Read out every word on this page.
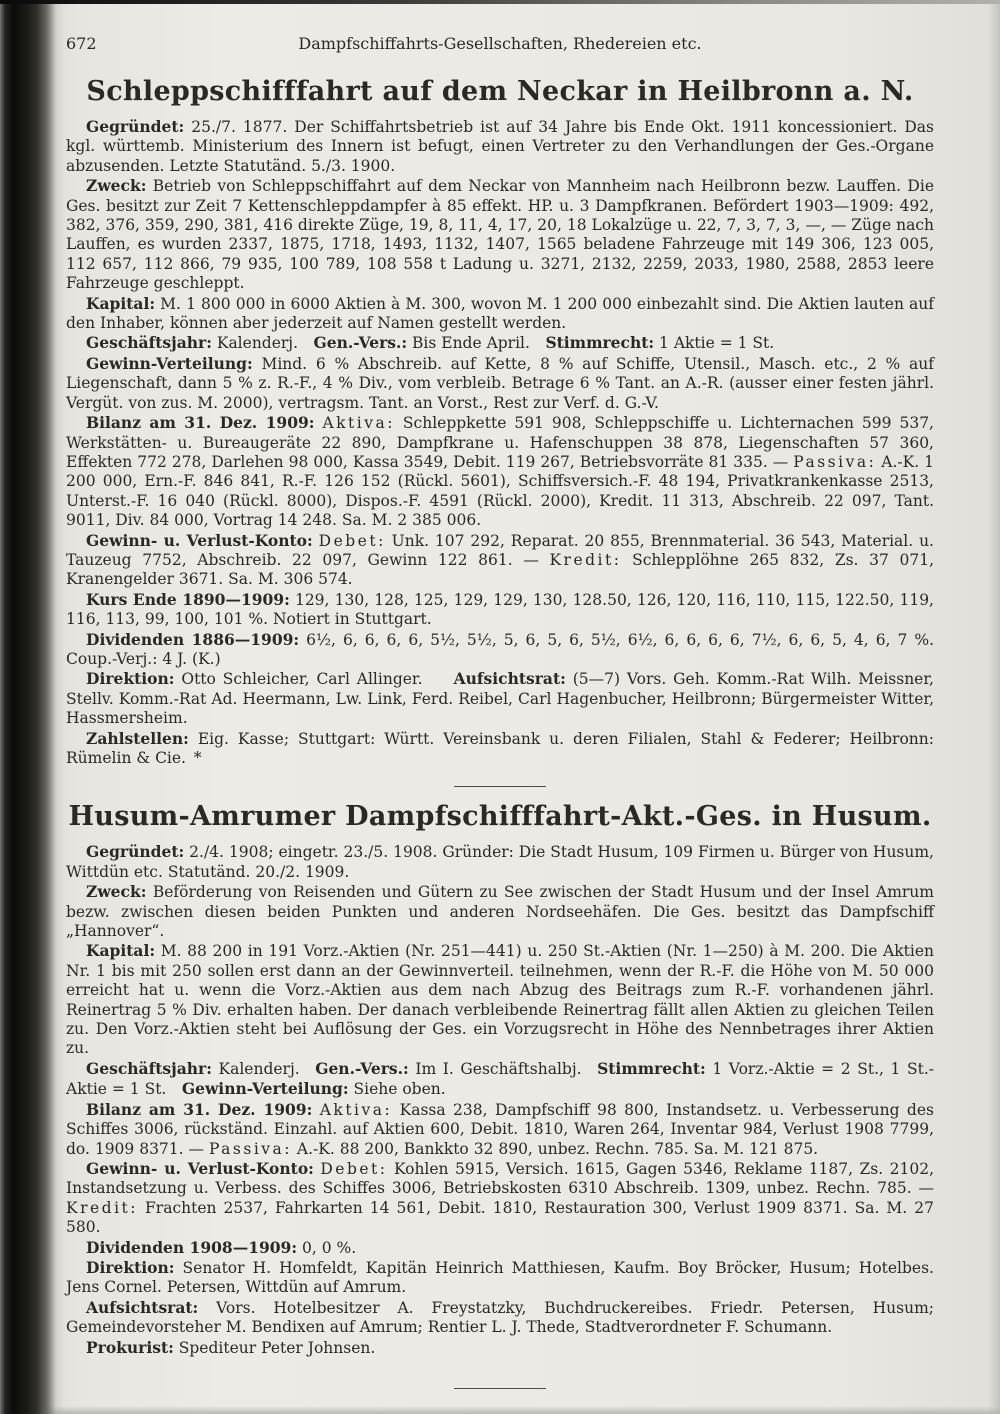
672	Dampfschiffahrts-Gesellschaften, Rhedereien etc.
Schleppschifffahrt auf dem Neckar in Heilbronn a. N.

Gegründet: 25./7. 1877. Der Schiffahrtsbetrieb ist auf 34 Jahre bis Ende Okt. 1911 koncessioniert. Das kgl. württemb. Ministerium des Innern ist befugt, einen Vertreter zu den Verhandlungen der Ges.-Organe abzusenden. Letzte Statutänd. 5./3. 1900.

Zweck: Betrieb von Schleppschiffahrt auf dem Neckar von Mannheim nach Heilbronn bezw. Lauffen. Die Ges. besitzt zur Zeit 7 Kettenschleppdampfer à 85 effekt. HP. u. 3 Dampfkranen. Befördert 1903—1909: 492, 382, 376, 359, 290, 381, 416 direkte Züge, 19, 8, 11, 4, 17, 20, 18 Lokalzüge u. 22, 7, 3, 7, 3, —, — Züge nach Lauffen, es wurden 2337, 1875, 1718, 1493, 1132, 1407, 1565 beladene Fahrzeuge mit 149 306, 123 005, 112 657, 112 866, 79 935, 100 789, 108 558 t Ladung u. 3271, 2132, 2259, 2033, 1980, 2588, 2853 leere Fahrzeuge geschleppt.

Kapital: M. 1 800 000 in 6000 Aktien à M. 300, wovon M. 1 200 000 einbezahlt sind. Die Aktien lauten auf den Inhaber, können aber jederzeit auf Namen gestellt werden.

Geschäftsjahr: Kalenderj. Gen.-Vers.: Bis Ende April. Stimmrecht: 1 Aktie = 1 St.

Gewinn-Verteilung: Mind. 6 % Abschreib. auf Kette, 8 % auf Schiffe, Utensil., Masch. etc., 2 % auf Liegenschaft, dann 5 % z. R.-F., 4 % Div., vom verbleib. Betrage 6 % Tant. an A.-R. (ausser einer festen jährl. Vergüt. von zus. M. 2000), vertragsm. Tant. an Vorst., Rest zur Verf. d. G.-V.

Bilanz am 31. Dez. 1909: Aktiva: Schleppkette 591 908, Schleppschiffe u. Lichternachen 599 537, Werkstätten- u. Bureaugeräte 22 890, Dampfkrane u. Hafenschuppen 38 878, Liegenschaften 57 360, Effekten 772 278, Darlehen 98 000, Kassa 3549, Debit. 119 267, Betriebsvorräte 81 335. — Passiva: A.-K. 1 200 000, Ern.-F. 846 841, R.-F. 126 152 (Rückl. 5601), Schiffsversich.-F. 48 194, Privatkrankenkasse 2513, Unterst.-F. 16 040 (Rückl. 8000), Dispos.-F. 4591 (Rückl. 2000), Kredit. 11 313, Abschreib. 22 097, Tant. 9011, Div. 84 000, Vortrag 14 248. Sa. M. 2 385 006.

Gewinn- u. Verlust-Konto: Debet: Unk. 107 292, Reparat. 20 855, Brennmaterial. 36 543, Material. u. Tauzeug 7752, Abschreib. 22 097, Gewinn 122 861. — Kredit: Schlepplöhne 265 832, Zs. 37 071, Kranengelder 3671. Sa. M. 306 574.

Kurs Ende 1890—1909: 129, 130, 128, 125, 129, 129, 130, 128.50, 126, 120, 116, 110, 115, 122.50, 119, 116, 113, 99, 100, 101 %. Notiert in Stuttgart.

Dividenden 1886—1909: 6½, 6, 6, 6, 6, 5½, 5½, 5, 6, 5, 6, 5½, 6½, 6, 6, 6, 6, 7½, 6, 6, 5, 4, 6, 7 %. Coup.-Verj.: 4 J. (K.)

Direktion: Otto Schleicher, Carl Allinger.  Aufsichtsrat: (5—7) Vors. Geh. Komm.-Rat Wilh. Meissner, Stellv. Komm.-Rat Ad. Heermann, Lw. Link, Ferd. Reibel, Carl Hagenbucher, Heilbronn; Bürgermeister Witter, Hassmersheim.

Zahlstellen: Eig. Kasse; Stuttgart: Württ. Vereinsbank u. deren Filialen, Stahl & Federer; Heilbronn: Rümelin & Cie. *

Husum-Amrumer Dampfschifffahrt-Akt.-Ges. in Husum.

Gegründet: 2./4. 1908; eingetr. 23./5. 1908. Gründer: Die Stadt Husum, 109 Firmen u. Bürger von Husum, Wittdün etc. Statutänd. 20./2. 1909.

Zweck: Beförderung von Reisenden und Gütern zu See zwischen der Stadt Husum und der Insel Amrum bezw. zwischen diesen beiden Punkten und anderen Nordseehäfen. Die Ges. besitzt das Dampfschiff „Hannover“.

Kapital: M. 88 200 in 191 Vorz.-Aktien (Nr. 251—441) u. 250 St.-Aktien (Nr. 1—250) à M. 200. Die Aktien Nr. 1 bis mit 250 sollen erst dann an der Gewinnverteil. teilnehmen, wenn der R.-F. die Höhe von M. 50 000 erreicht hat u. wenn die Vorz.-Aktien aus dem nach Abzug des Beitrags zum R.-F. vorhandenen jährl. Reinertrag 5 % Div. erhalten haben. Der danach verbleibende Reinertrag fällt allen Aktien zu gleichen Teilen zu. Den Vorz.-Aktien steht bei Auflösung der Ges. ein Vorzugsrecht in Höhe des Nennbetrages ihrer Aktien zu.

Geschäftsjahr: Kalenderj. Gen.-Vers.: Im I. Geschäftshalbj. Stimmrecht: 1 Vorz.-Aktie = 2 St., 1 St.-Aktie = 1 St. Gewinn-Verteilung: Siehe oben.

Bilanz am 31. Dez. 1909: Aktiva: Kassa 238, Dampfschiff 98 800, Instandsetz. u. Verbesserung des Schiffes 3006, rückständ. Einzahl. auf Aktien 600, Debit. 1810, Waren 264, Inventar 984, Verlust 1908 7799, do. 1909 8371. — Passiva: A.-K. 88 200, Bankkto 32 890, unbez. Rechn. 785. Sa. M. 121 875.

Gewinn- u. Verlust-Konto: Debet: Kohlen 5915, Versich. 1615, Gagen 5346, Reklame 1187, Zs. 2102, Instandsetzung u. Verbess. des Schiffes 3006, Betriebskosten 6310 Abschreib. 1309, unbez. Rechn. 785. — Kredit: Frachten 2537, Fahrkarten 14 561, Debit. 1810, Restauration 300, Verlust 1909 8371. Sa. M. 27 580.

Dividenden 1908—1909: 0, 0 %.

Direktion: Senator H. Homfeldt, Kapitän Heinrich Matthiesen, Kaufm. Boy Bröcker, Husum; Hotelbes. Jens Cornel. Petersen, Wittdün auf Amrum.

Aufsichtsrat: Vors. Hotelbesitzer A. Freystatzky, Buchdruckereibes. Friedr. Petersen, Husum; Gemeindevorsteher M. Bendixen auf Amrum; Rentier L. J. Thede, Stadtverordneter F. Schumann.

Prokurist: Spediteur Peter Johnsen.
